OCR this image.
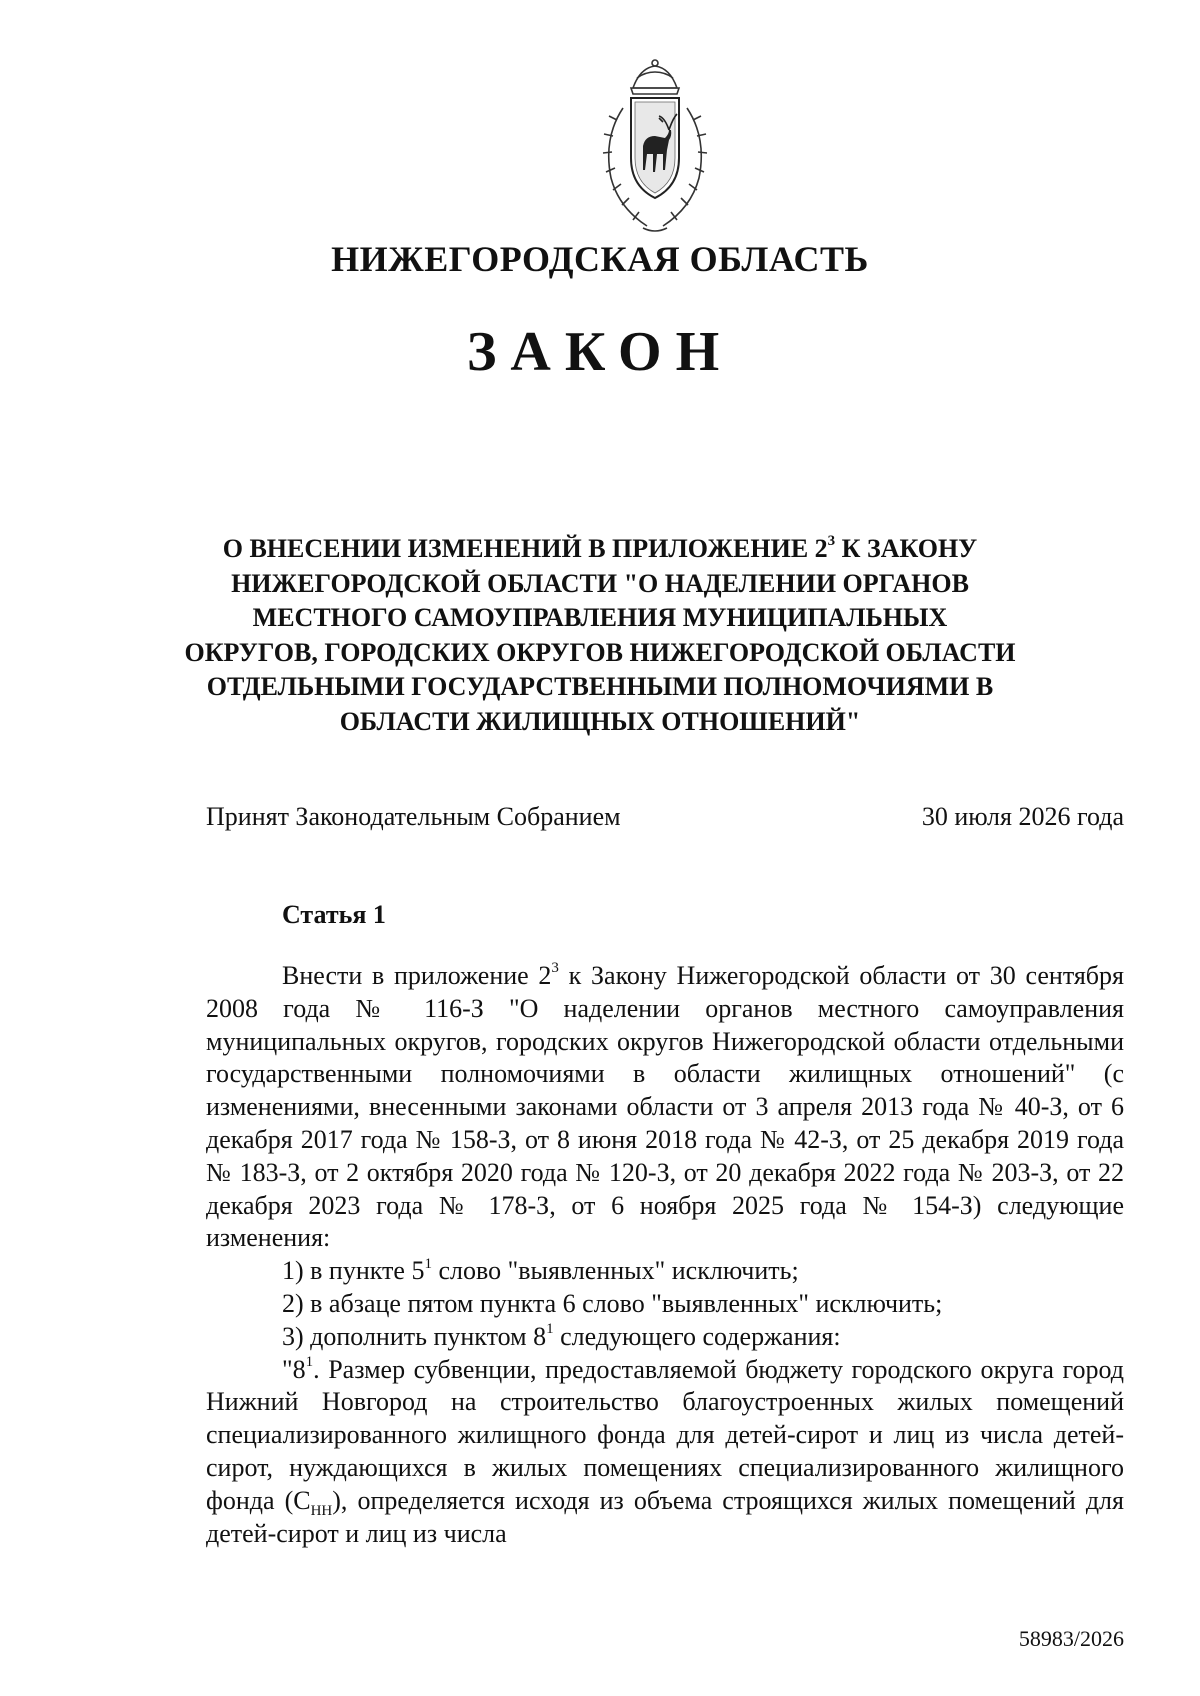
НИЖЕГОРОДСКАЯ ОБЛАСТЬ
ЗАКОН
О ВНЕСЕНИИ ИЗМЕНЕНИЙ В ПРИЛОЖЕНИЕ $2^3$ К ЗАКОНУ
НИЖЕГОРОДСКОЙ ОБЛАСТИ "О НАДЕЛЕНИИ ОРГАНОВ
МЕСТНОГО САМОУПРАВЛЕНИЯ МУНИЦИПАЛЬНЫХ
ОКРУГОВ, ГОРОДСКИХ ОКРУГОВ НИЖЕГОРОДСКОЙ ОБЛАСТИ
ОТДЕЛЬНЫМИ ГОСУДАРСТВЕННЫМИ ПОЛНОМОЧИЯМИ В
ОБЛАСТИ ЖИЛИЩНЫХ ОТНОШЕНИЙ"
Принят Законодательным Собранием	30 июля 2026 года
Статья 1

Внести в приложение $2^3$ к Закону Нижегородской области от 30 сентября 2008 года № 116-З "О наделении органов местного самоуправления муниципальных округов, городских округов Нижегородской области отдельными государственными полномочиями в области жилищных отношений" (с изменениями, внесенными законами области от 3 апреля 2013 года № 40-З, от 6 декабря 2017 года № 158-З, от 8 июня 2018 года № 42-З, от 25 декабря 2019 года № 183-З, от 2 октября 2020 года № 120-З, от 20 декабря 2022 года № 203-З, от 22 декабря 2023 года № 178-З, от 6 ноября 2025 года № 154-З) следующие изменения:

1) в пункте $5^1$ слово "выявленных" исключить;

2) в абзаце пятом пункта 6 слово "выявленных" исключить;

3) дополнить пунктом $8^1$ следующего содержания:

"$8^1$. Размер субвенции, предоставляемой бюджету городского округа город Нижний Новгород на строительство благоустроенных жилых помещений специализированного жилищного фонда для детей-сирот и лиц из числа детей-сирот, нуждающихся в жилых помещениях специализированного жилищного фонда $(C_{НН})$, определяется исходя из объема строящихся жилых помещений для детей-сирот и лиц из числа

58983/2026
